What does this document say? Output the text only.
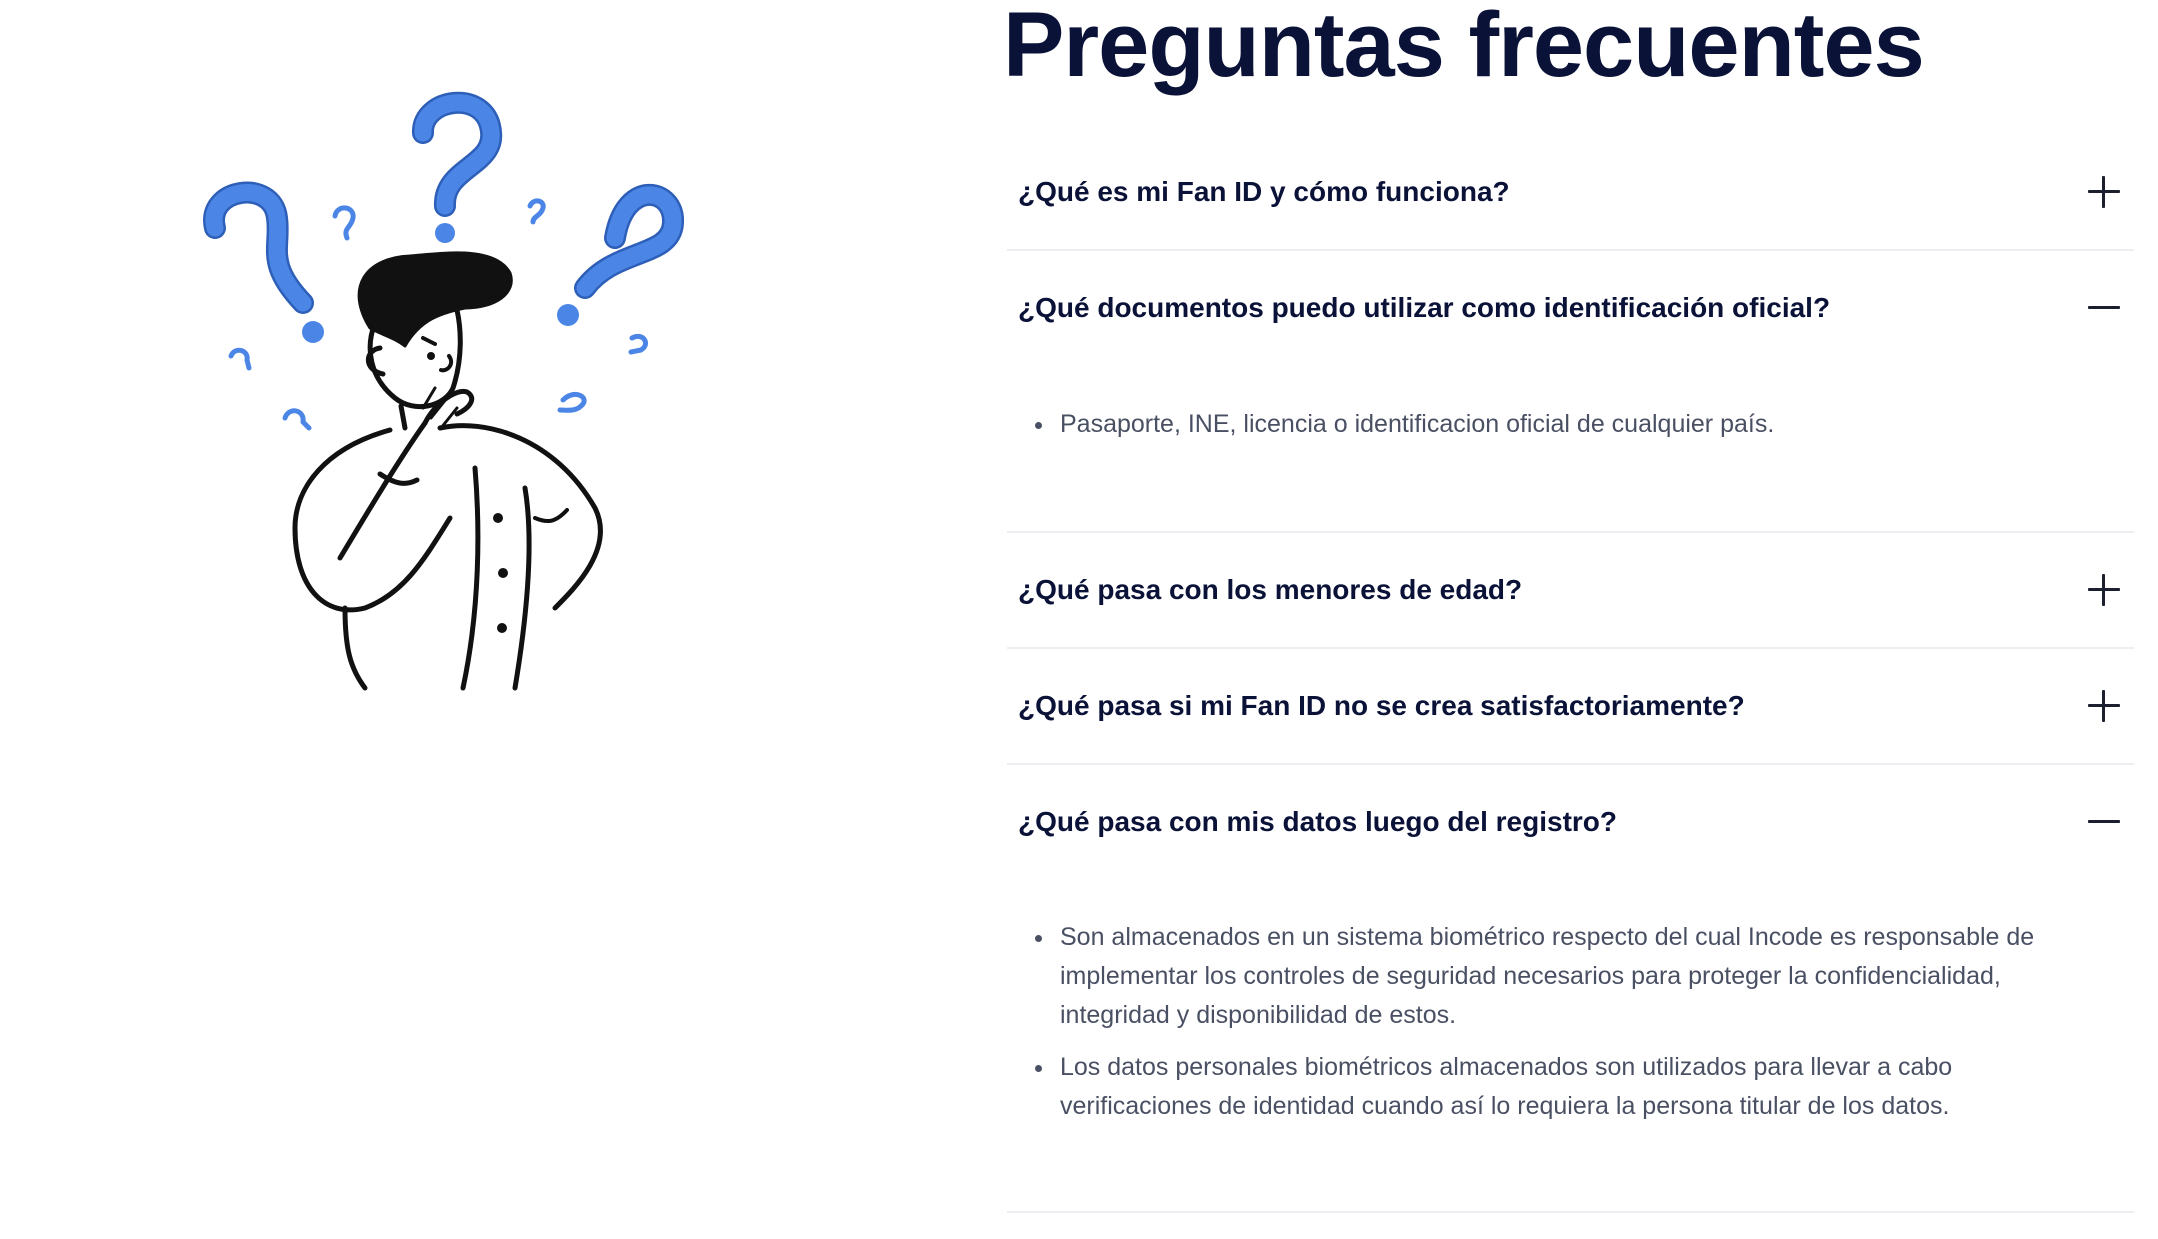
Preguntas frecuentes
¿Qué es mi Fan ID y cómo funciona?
¿Qué documentos puedo utilizar como identificación oficial?
Pasaporte, INE, licencia o identificacion oficial de cualquier país.
¿Qué pasa con los menores de edad?
¿Qué pasa si mi Fan ID no se crea satisfactoriamente?
¿Qué pasa con mis datos luego del registro?
Son almacenados en un sistema biométrico respecto del cual Incode es responsable de implementar los controles de seguridad necesarios para proteger la confidencialidad, integridad y disponibilidad de estos.
Los datos personales biométricos almacenados son utilizados para llevar a cabo verificaciones de identidad cuando así lo requiera la persona titular de los datos.
